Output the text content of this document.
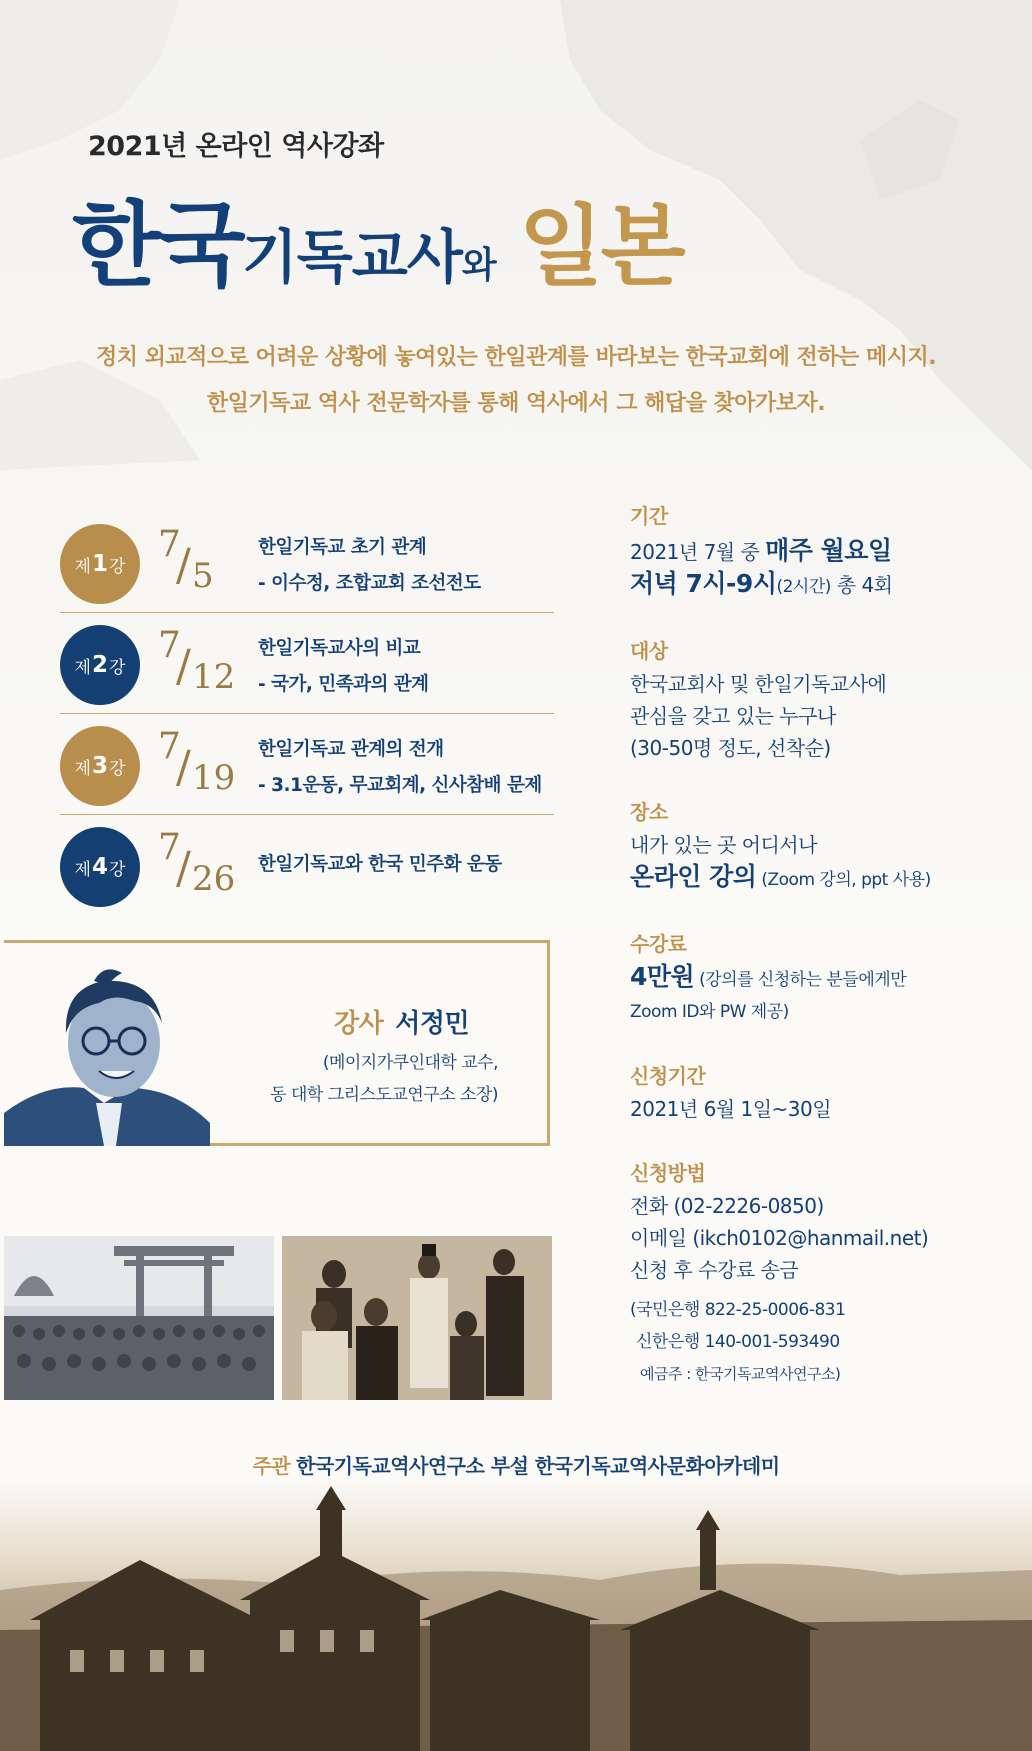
2021년 온라인 역사강좌
한국기독교사와 일본
정치 외교적으로 어려운 상황에 놓여있는 한일관계를 바라보는 한국교회에 전하는 메시지.
한일기독교 역사 전문학자를 통해 역사에서 그 해답을 찾아가보자.
제 1 강
7
/ 5
한일기독교 초기 관계
- 이수정, 조합교회 조선전도
제 2 강
7
/ 12
한일기독교사의 비교
- 국가, 민족과의 관계
제 3 강
7
/ 19
한일기독교 관계의 전개
- 3.1운동, 무교회계, 신사참배 문제
제 4 강
7
/ 26 한일기독교와 한국 민주화 운동
강사 서정민
(메이지가쿠인대학 교수,
동 대학 그리스도교연구소 소장)
기간
2021년 7월 중 매주 월요일
저녁 7시-9시(2시간) 총 4회
대상
한국교회사 및 한일기독교사에
관심을 갖고 있는 누구나
(30-50명 정도, 선착순)
장소
내가 있는 곳 어디서나
온라인 강의 (Zoom 강의, ppt 사용)
수강료
4만원 (강의를 신청하는 분들에게만
Zoom ID와 PW 제공)
신청기간
2021년 6월 1일~30일
신청방법
전화 (02-2226-0850)
이메일 (ikch0102@hanmail.net)
신청 후 수강료 송금
(국민은행 822-25-0006-831
신한은행 140-001-593490
예금주 : 한국기독교역사연구소)
주관 한국기독교역사연구소 부설 한국기독교역사문화아카데미
